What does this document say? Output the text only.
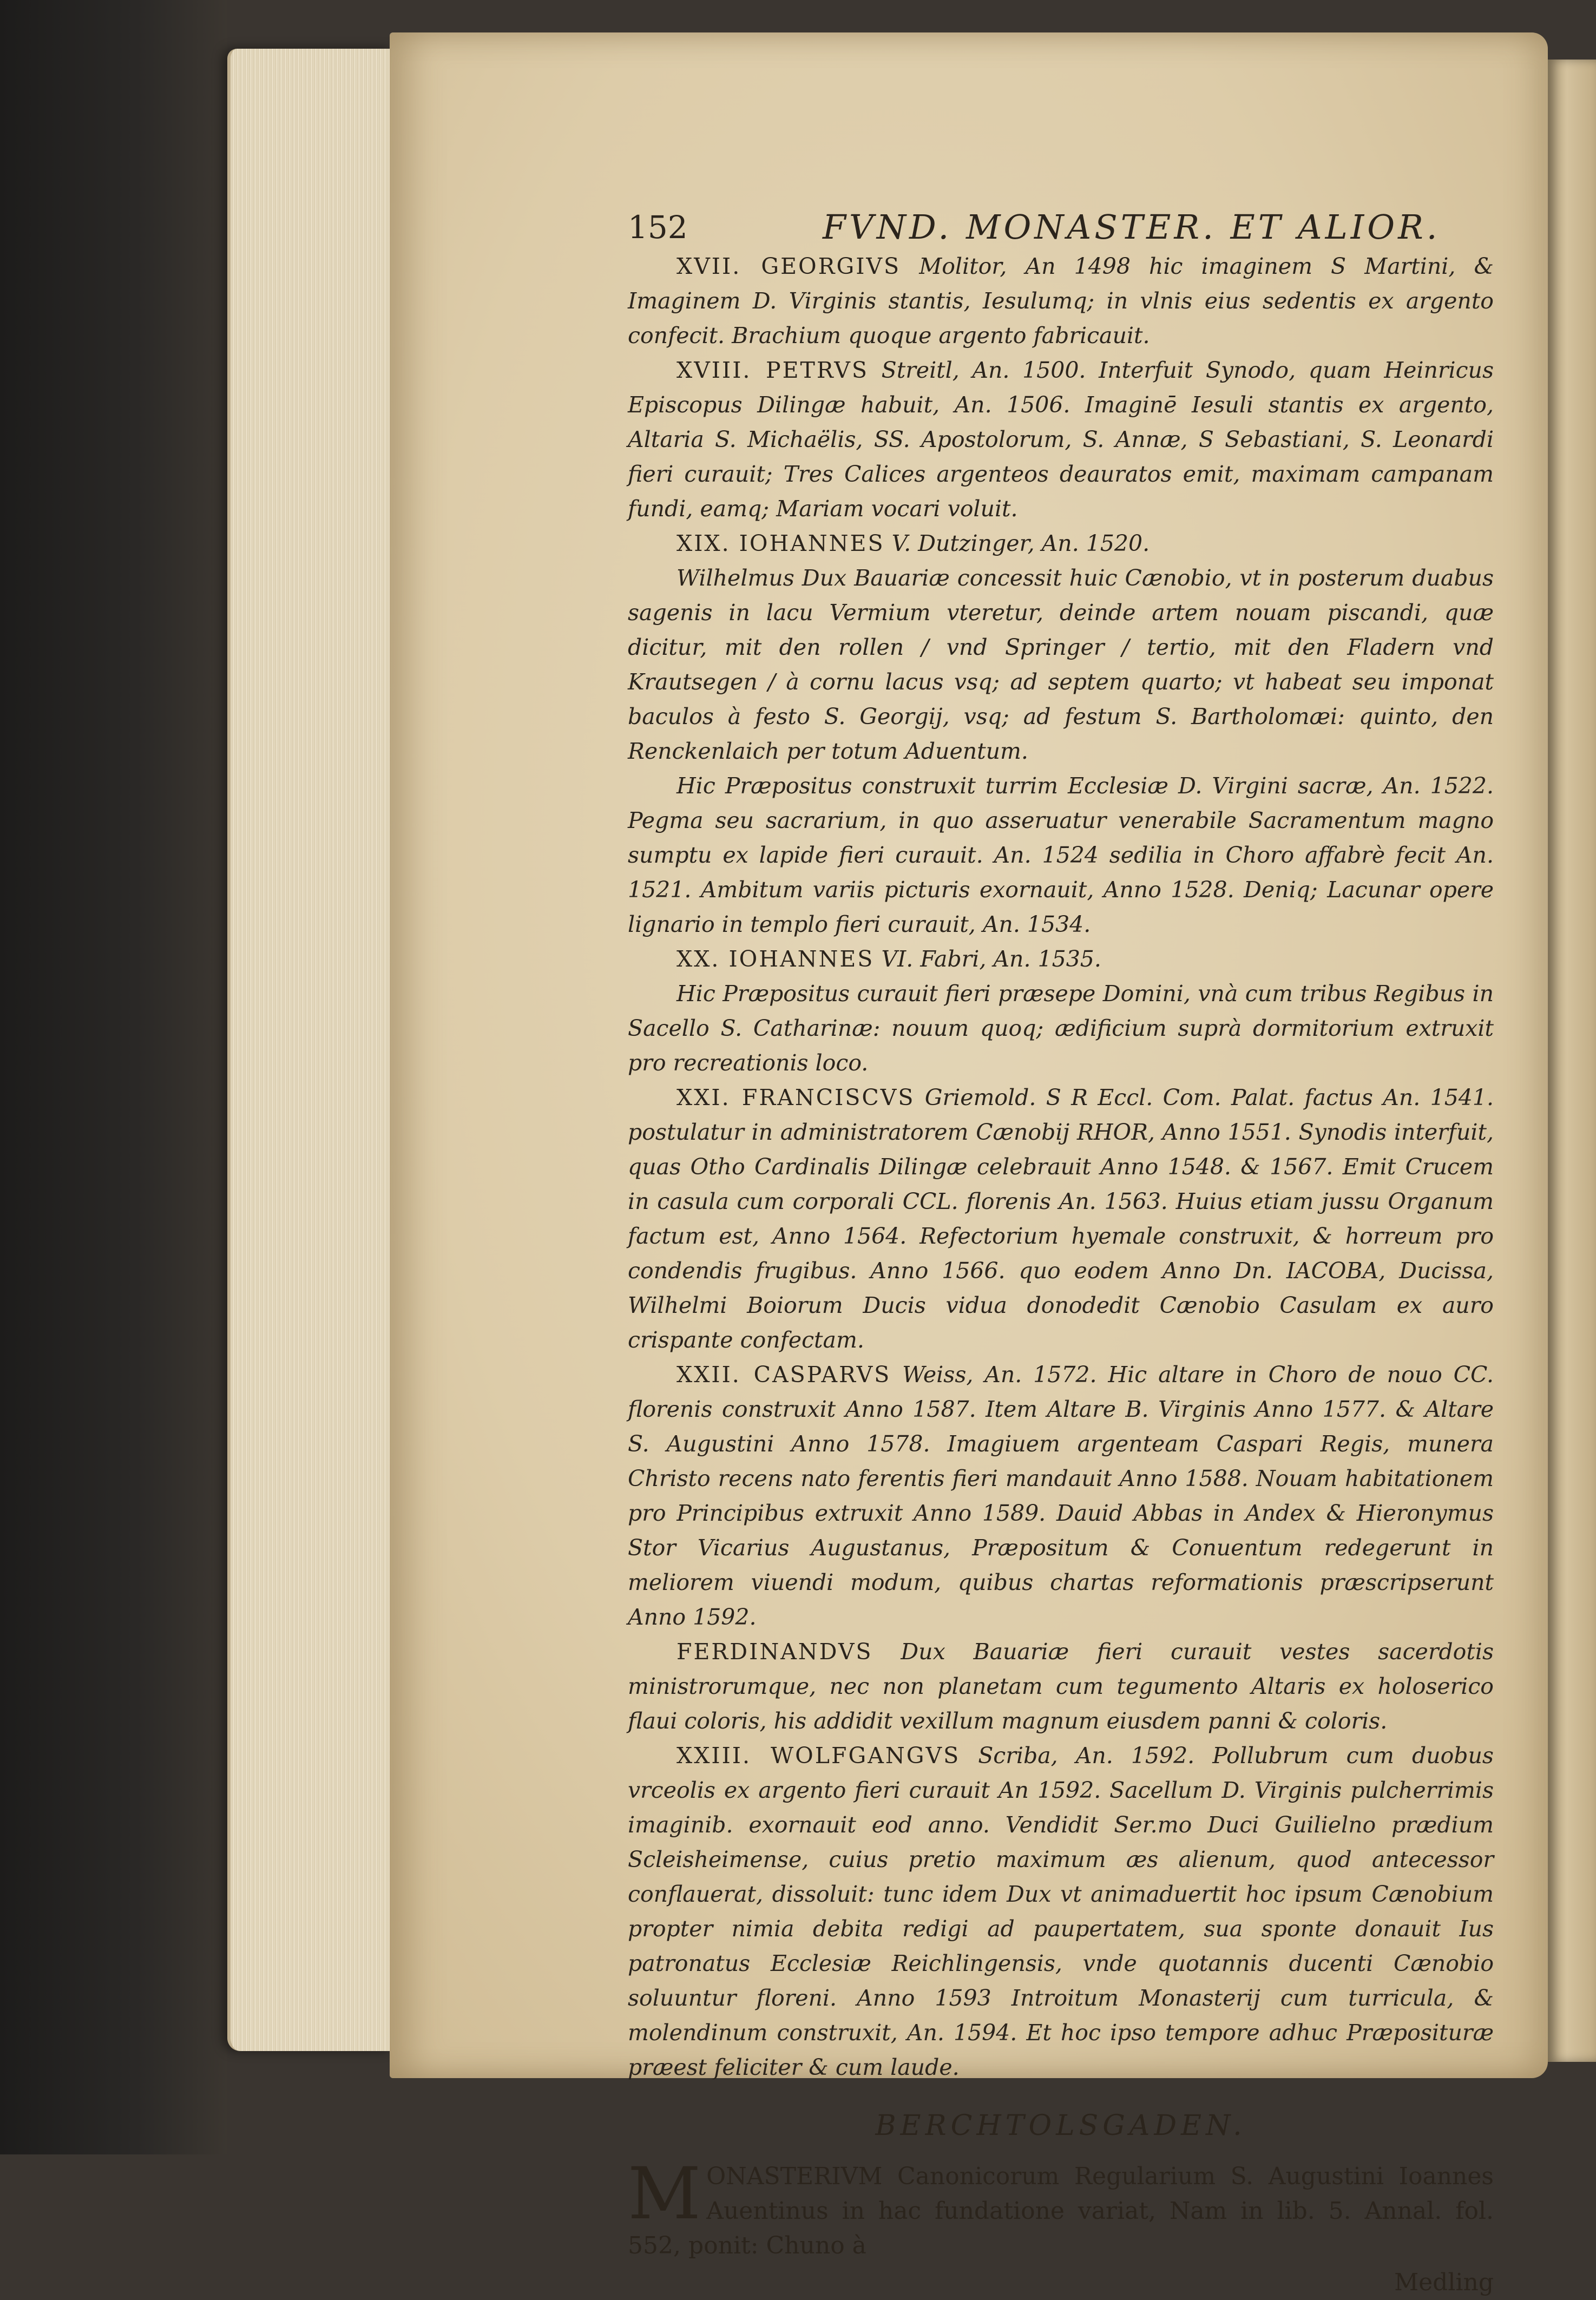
152	FVND. MONASTER. ET ALIOR.

XVII. GEORGIVS Molitor, An 1498 hic imaginem S Martini, & Imaginem D. Virginis stantis, Iesulumq; in vlnis eius sedentis ex argento confecit. Brachium quoque argento fabricauit.

XVIII. PETRVS Streitl, An. 1500. Interfuit Synodo, quam Heinricus Episcopus Dilingæ habuit, An. 1506. Imaginē Iesuli stantis ex argento, Altaria S. Michaëlis, SS. Apostolorum, S. Annæ, S Sebastiani, S. Leonardi fieri curauit; Tres Calices argenteos deauratos emit, maximam campanam fundi, eamq; Mariam vocari voluit.

XIX. IOHANNES V. Dutzinger, An. 1520.

Wilhelmus Dux Bauariæ concessit huic Cænobio, vt in posterum duabus sagenis in lacu Vermium vteretur, deinde artem nouam piscandi, quæ dicitur, mit den rollen / vnd Springer / tertio, mit den Fladern vnd Krautsegen / à cornu lacus vsq; ad septem quarto; vt habeat seu imponat baculos à festo S. Georgij, vsq; ad festum S. Bartholomæi: quinto, den Renckenlaich per totum Aduentum.

Hic Præpositus construxit turrim Ecclesiæ D. Virgini sacræ, An. 1522. Pegma seu sacrarium, in quo asseruatur venerabile Sacramentum magno sumptu ex lapide fieri curauit. An. 1524 sedilia in Choro affabrè fecit An. 1521. Ambitum variis picturis exornauit, Anno 1528. Deniq; Lacunar opere lignario in templo fieri curauit, An. 1534.

XX. IOHANNES VI. Fabri, An. 1535.

Hic Præpositus curauit fieri præsepe Domini, vnà cum tribus Regibus in Sacello S. Catharinæ: nouum quoq; ædificium suprà dormitorium extruxit pro recreationis loco.

XXI. FRANCISCVS Griemold. S R Eccl. Com. Palat. factus An. 1541. postulatur in administratorem Cænobij RHOR, Anno 1551. Synodis interfuit, quas Otho Cardinalis Dilingæ celebrauit Anno 1548. & 1567. Emit Crucem in casula cum corporali CCL. florenis An. 1563. Huius etiam jussu Organum factum est, Anno 1564. Refectorium hyemale construxit, & horreum pro condendis frugibus. Anno 1566. quo eodem Anno Dn. IACOBA, Ducissa, Wilhelmi Boiorum Ducis vidua donodedit Cænobio Casulam ex auro crispante confectam.

XXII. CASPARVS Weiss, An. 1572. Hic altare in Choro de nouo CC. florenis construxit Anno 1587. Item Altare B. Virginis Anno 1577. & Altare S. Augustini Anno 1578. Imagiuem argenteam Caspari Regis, munera Christo recens nato ferentis fieri mandauit Anno 1588. Nouam habitationem pro Principibus extruxit Anno 1589. Dauid Abbas in Andex & Hieronymus Stor Vicarius Augustanus, Præpositum & Conuentum redegerunt in meliorem viuendi modum, quibus chartas reformationis præscripserunt Anno 1592.

FERDINANDVS Dux Bauariæ fieri curauit vestes sacerdotis ministrorumque, nec non planetam cum tegumento Altaris ex holoserico flaui coloris, his addidit vexillum magnum eiusdem panni & coloris.

XXIII. WOLFGANGVS Scriba, An. 1592. Pollubrum cum duobus vrceolis ex argento fieri curauit An 1592. Sacellum D. Virginis pulcherrimis imaginib. exornauit eod anno. Vendidit Ser.mo Duci Guilielno prædium Scleisheimense, cuius pretio maximum æs alienum, quod antecessor conflauerat, dissoluit: tunc idem Dux vt animaduertit hoc ipsum Cænobium propter nimia debita redigi ad paupertatem, sua sponte donauit Ius patronatus Ecclesiæ Reichlingensis, vnde quotannis ducenti Cænobio soluuntur floreni. Anno 1593 Introitum Monasterij cum turricula, & molendinum construxit, An. 1594. Et hoc ipso tempore adhuc Præposituræ præest feliciter & cum laude.

BERCHTOLSGADEN.
M ONASTERIVM Canonicorum Regularium S. Augustini Ioannes Auentinus in hac fundatione variat, Nam in lib. 5. Annal. fol. 552, ponit: Chuno à
Medling
